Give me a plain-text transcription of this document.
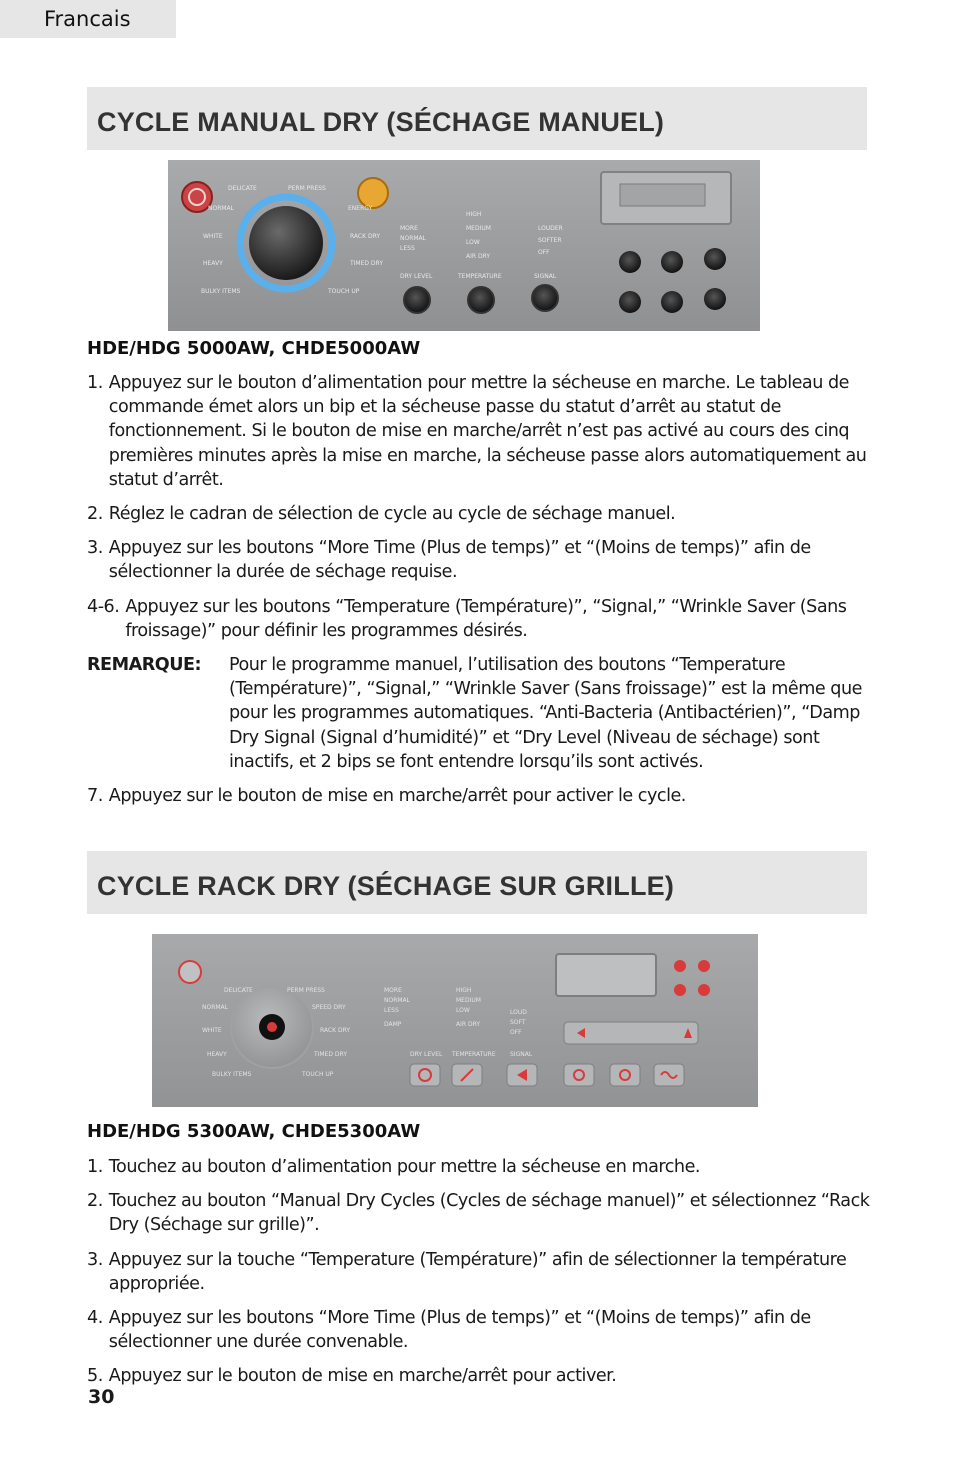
Francais
CYCLE MANUAL DRY (SÉCHAGE MANUEL)
DELICATE	PERM PRESS
NORMAL	ENERGY
WHITE	RACK DRY
HEAVY	TIMED DRY
BULKY ITEMS	TOUCH UP
MORE
NORMAL
LESS
HIGH
MEDIUM
LOW
AIR DRY
LOUDER
SOFTER
OFF
DRY LEVEL	TEMPERATURE	SIGNAL
HDE/HDG 5000AW, CHDE5000AW
1. Appuyez sur le bouton d’alimentation pour mettre la sécheuse en marche. Le tableau de commande émet alors un bip et la sécheuse passe du statut d’arrêt au statut de fonctionnement. Si le bouton de mise en marche/arrêt n’est pas activé au cours des cinq premières minutes après la mise en marche, la sécheuse passe alors automatiquement au statut d’arrêt.
2. Réglez le cadran de sélection de cycle au cycle de séchage manuel.
3. Appuyez sur les boutons “More Time (Plus de temps)” et “(Moins de temps)” afin de sélectionner la durée de séchage requise.
4-6. Appuyez sur les boutons “Temperature (Température)”, “Signal,” “Wrinkle Saver (Sans froissage)” pour définir les programmes désirés.
REMARQUE:	Pour le programme manuel, l’utilisation des boutons “Temperature (Température)”, “Signal,” “Wrinkle Saver (Sans froissage)” est la même que pour les programmes automatiques. “Anti-Bacteria (Antibactérien)”, “Damp Dry Signal (Signal d’humidité)” et “Dry Level (Niveau de séchage) sont inactifs, et 2 bips se font entendre lorsqu’ils sont activés.
7. Appuyez sur le bouton de mise en marche/arrêt pour activer le cycle.
CYCLE RACK DRY (SÉCHAGE SUR GRILLE)
DELICATE	PERM PRESS
NORMAL	SPEED DRY
WHITE	RACK DRY
HEAVY	TIMED DRY
BULKY ITEMS	TOUCH UP
MORE
NORMAL
LESS
DAMP
HIGH
MEDIUM
LOW
AIR DRY
LOUD
SOFT
OFF
DRY LEVEL TEMPERATURE SIGNAL
HDE/HDG 5300AW, CHDE5300AW
1. Touchez au bouton d’alimentation pour mettre la sécheuse en marche.
2. Touchez au bouton “Manual Dry Cycles (Cycles de séchage manuel)” et sélectionnez “Rack Dry (Séchage sur grille)”.
3. Appuyez sur la touche “Temperature (Température)” afin de sélectionner la température appropriée.
4. Appuyez sur les boutons “More Time (Plus de temps)” et “(Moins de temps)” afin de sélectionner une durée convenable.
5. Appuyez sur le bouton de mise en marche/arrêt pour activer.
30
